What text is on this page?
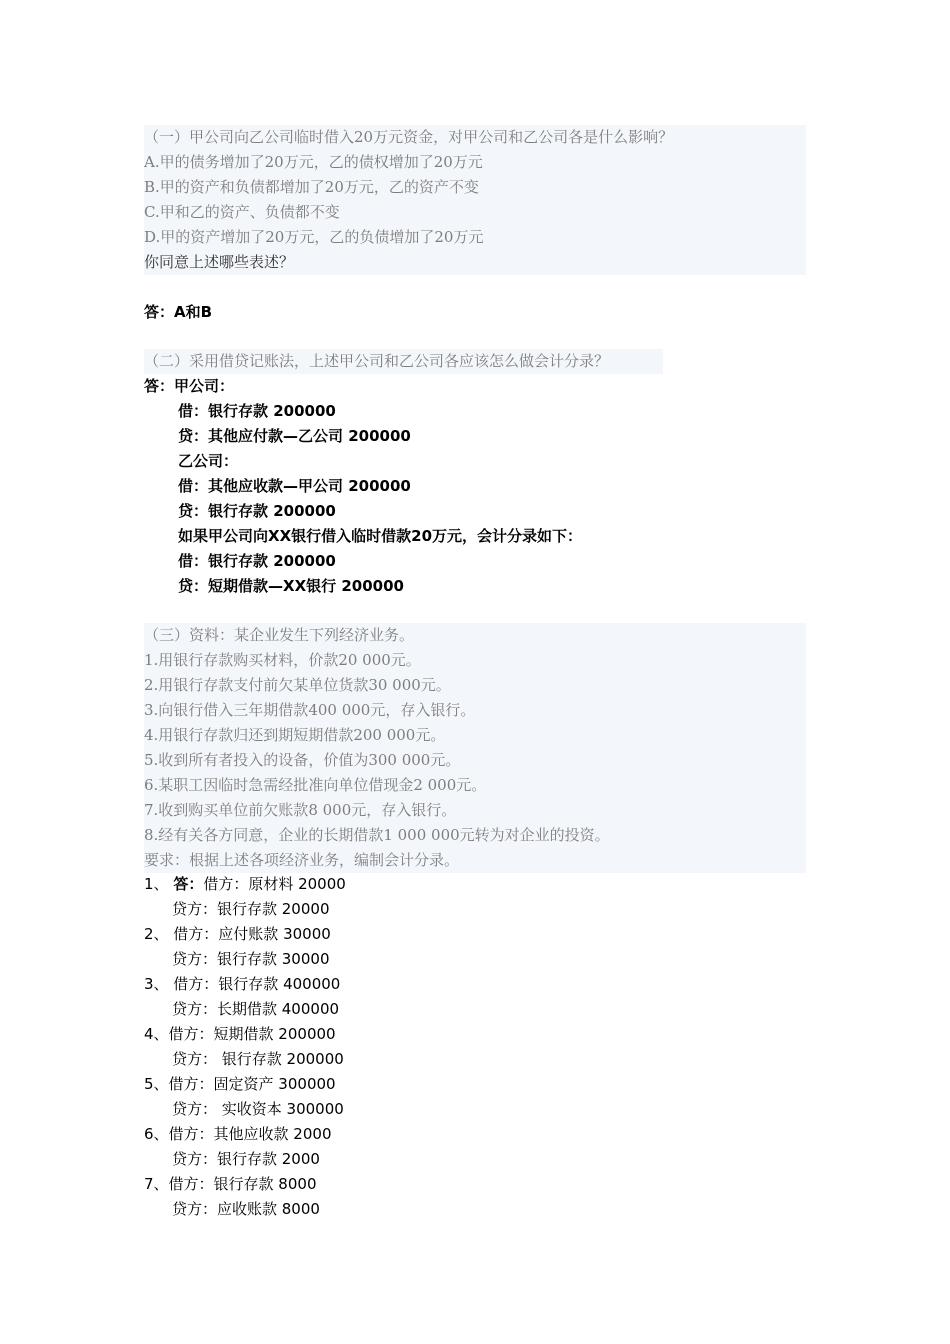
（一）甲公司向乙公司临时借入20万元资金，对甲公司和乙公司各是什么影响？
A.甲的债务增加了20万元，乙的债权增加了20万元
B.甲的资产和负债都增加了20万元，乙的资产不变
C.甲和乙的资产、负债都不变
D.甲的资产增加了20万元，乙的负债增加了20万元
你同意上述哪些表述？
答：A和B
（二）采用借贷记账法，上述甲公司和乙公司各应该怎么做会计分录？
答：甲公司：
借：银行存款 200000
贷：其他应付款—乙公司 200000
乙公司：
借：其他应收款—甲公司 200000
贷：银行存款 200000
如果甲公司向XX银行借入临时借款20万元，会计分录如下：
借：银行存款 200000
贷：短期借款—XX银行 200000
（三）资料：某企业发生下列经济业务。
1.用银行存款购买材料，价款20 000元。
2.用银行存款支付前欠某单位货款30 000元。
3.向银行借入三年期借款400 000元，存入银行。
4.用银行存款归还到期短期借款200 000元。
5.收到所有者投入的设备，价值为300 000元。
6.某职工因临时急需经批准向单位借现金2 000元。
7.收到购买单位前欠账款8 000元，存入银行。
8.经有关各方同意，企业的长期借款1 000 000元转为对企业的投资。
要求：根据上述各项经济业务，编制会计分录。
1、 答：借方：原材料 20000
贷方：银行存款 20000
2、 借方：应付账款 30000
贷方：银行存款 30000
3、 借方：银行存款 400000
贷方：长期借款 400000
4、借方：短期借款 200000
贷方： 银行存款 200000
5、借方：固定资产 300000
贷方： 实收资本 300000
6、借方：其他应收款 2000
贷方：银行存款 2000
7、借方：银行存款 8000
贷方：应收账款 8000
